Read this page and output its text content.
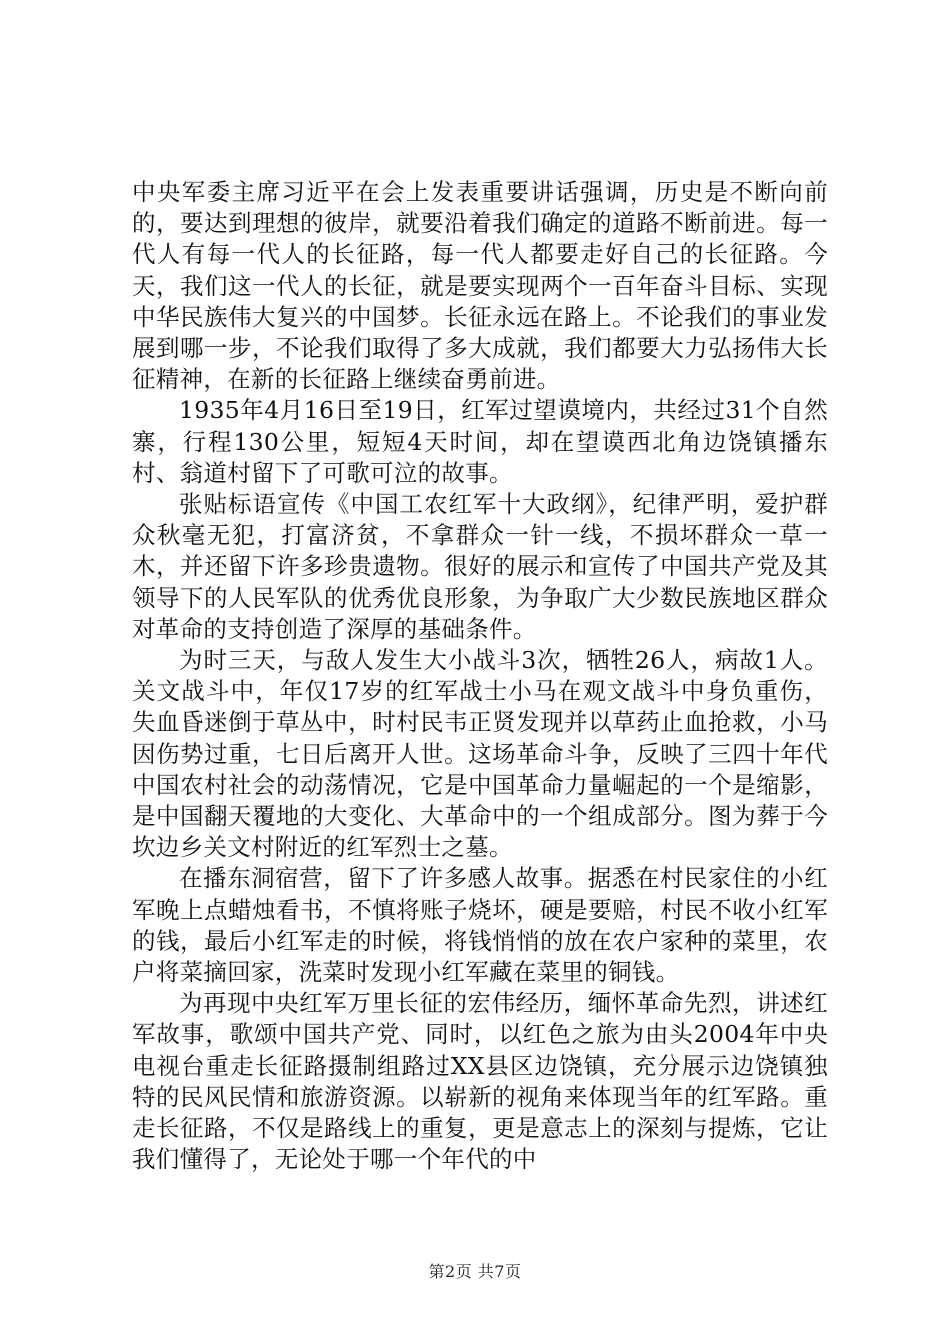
中央军委主席习近平在会上发表重要讲话强调，历史是不断向前的，要达到理想的彼岸，就要沿着我们确定的道路不断前进。每一代人有每一代人的长征路，每一代人都要走好自己的长征路。今天，我们这一代人的长征，就是要实现两个一百年奋斗目标、实现中华民族伟大复兴的中国梦。长征永远在路上。不论我们的事业发展到哪一步，不论我们取得了多大成就，我们都要大力弘扬伟大长征精神，在新的长征路上继续奋勇前进。

1935年4月16日至19日，红军过望谟境内，共经过31个自然寨，行程130公里，短短4天时间，却在望谟西北角边饶镇播东村、翁道村留下了可歌可泣的故事。

张贴标语宣传《中国工农红军十大政纲》，纪律严明，爱护群众秋毫无犯，打富济贫，不拿群众一针一线，不损坏群众一草一木，并还留下许多珍贵遗物。很好的展示和宣传了中国共产党及其领导下的人民军队的优秀优良形象，为争取广大少数民族地区群众对革命的支持创造了深厚的基础条件。

为时三天，与敌人发生大小战斗3次，牺牲26人，病故1人。关文战斗中，年仅17岁的红军战士小马在观文战斗中身负重伤，失血昏迷倒于草丛中，时村民韦正贤发现并以草药止血抢救，小马因伤势过重，七日后离开人世。这场革命斗争，反映了三四十年代中国农村社会的动荡情况，它是中国革命力量崛起的一个是缩影，是中国翻天覆地的大变化、大革命中的一个组成部分。图为葬于今坎边乡关文村附近的红军烈士之墓。

在播东洞宿营，留下了许多感人故事。据悉在村民家住的小红军晚上点蜡烛看书，不慎将账子烧坏，硬是要赔，村民不收小红军的钱，最后小红军走的时候，将钱悄悄的放在农户家种的菜里，农户将菜摘回家，洗菜时发现小红军藏在菜里的铜钱。

为再现中央红军万里长征的宏伟经历，缅怀革命先烈，讲述红军故事，歌颂中国共产党、同时，以红色之旅为由头2004年中央电视台重走长征路摄制组路过XX县区边饶镇，充分展示边饶镇独特的民风民情和旅游资源。以崭新的视角来体现当年的红军路。重走长征路，不仅是路线上的重复，更是意志上的深刻与提炼，它让我们懂得了，无论处于哪一个年代的中

第2页 共7页
